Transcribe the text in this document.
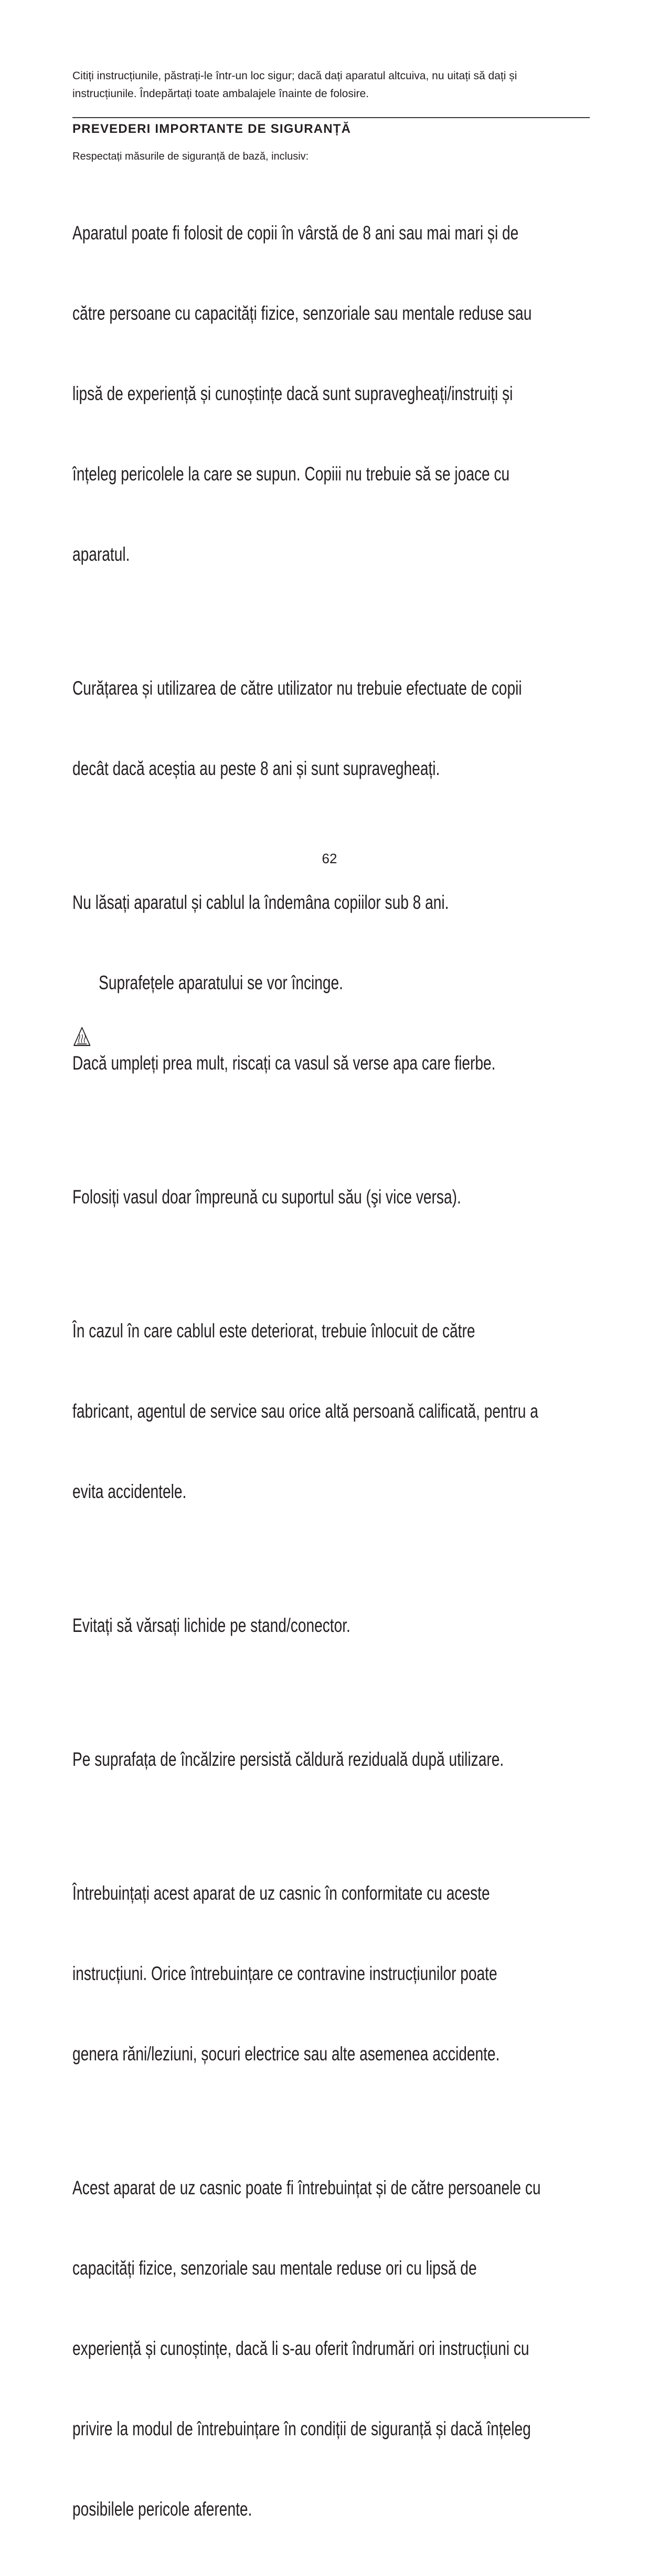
Citiți instrucțiunile, păstrați-le într-un loc sigur; dacă dați aparatul altcuiva, nu uitați să dați și
instrucțiunile. Îndepărtați toate ambalajele înainte de folosire.
PREVEDERI IMPORTANTE DE SIGURANȚĂ
Respectați măsurile de siguranță de bază, inclusiv:

Aparatul poate fi folosit de copii în vârstă de 8 ani sau mai mari și de

către persoane cu capacități fizice, senzoriale sau mentale reduse sau

lipsă de experiență și cunoștințe dacă sunt supravegheați/instruiți și

înțeleg pericolele la care se supun. Copiii nu trebuie să se joace cu

aparatul.

Curățarea și utilizarea de către utilizator nu trebuie efectuate de copii

decât dacă aceștia au peste 8 ani și sunt supravegheați.

Nu lăsați aparatul și cablul la îndemâna copiilor sub 8 ani.

Suprafețele aparatului se vor încinge.

Dacă umpleți prea mult, riscați ca vasul să verse apa care fierbe.

Folosiți vasul doar împreună cu suportul său (şi vice versa).

În cazul în care cablul este deteriorat, trebuie înlocuit de către

fabricant, agentul de service sau orice altă persoană calificată, pentru a

evita accidentele.

Evitați să vărsați lichide pe stand/conector.

Pe suprafața de încălzire persistă căldură reziduală după utilizare.

Întrebuințați acest aparat de uz casnic în conformitate cu aceste

instrucțiuni. Orice întrebuințare ce contravine instrucțiunilor poate

genera răni/leziuni, șocuri electrice sau alte asemenea accidente.

Acest aparat de uz casnic poate fi întrebuințat și de către persoanele cu

capacități fizice, senzoriale sau mentale reduse ori cu lipsă de

experiență și cunoștințe, dacă li s-au oferit îndrumări ori instrucțiuni cu

privire la modul de întrebuințare în condiții de siguranță și dacă înțeleg

posibilele pericole aferente.

62
